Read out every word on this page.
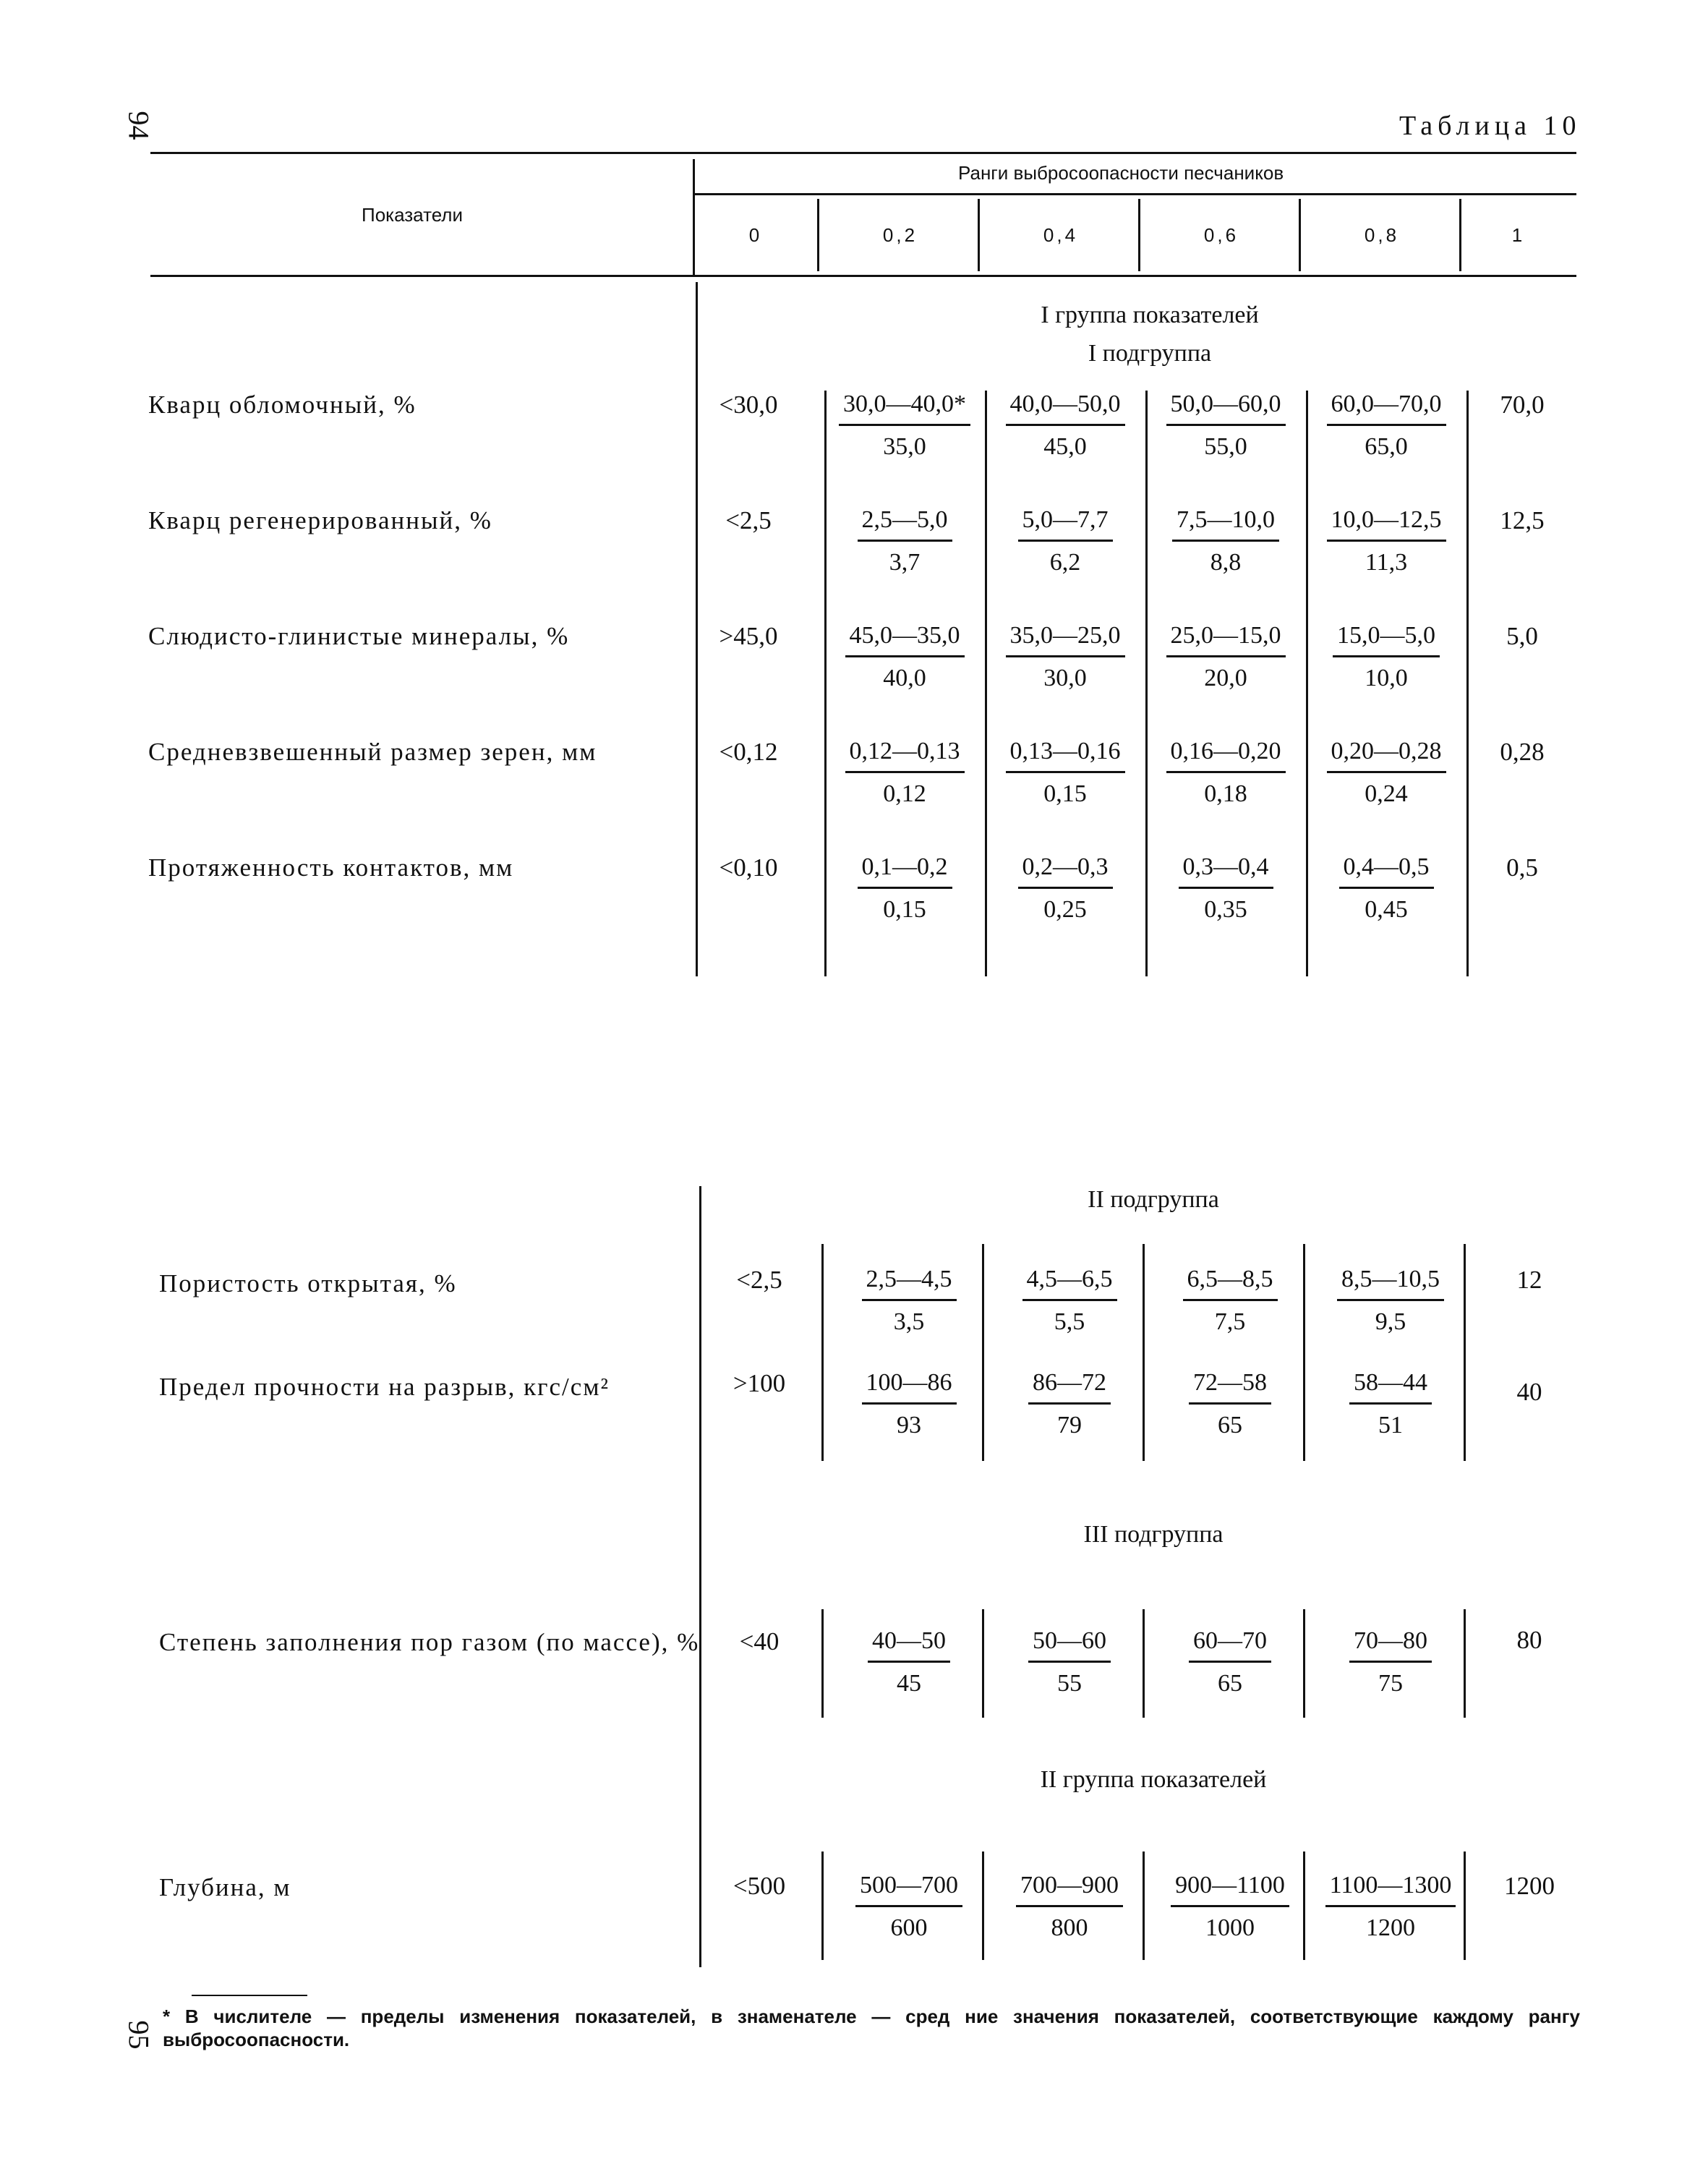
94
95
Таблица 10
Показатели
Ранги выбросоопасности песчаников
0	0,2	0,4	0,6	0,8	1
I группа показателей
I подгруппа
Кварц обломочный, %	<30,0	$\frac{30,0—40,0*}{35,0} \frac{40,0—50,0}{45,0} \frac{50,0—60,0}{55,0} \frac{60,0—70,0}{65,0}$	70,0
Кварц регенерированный, %	<2,5	$\frac{2,5—5,0}{3,7} \frac{5,0—7,7}{6,2} \frac{7,5—10,0}{8,8} \frac{10,0—12,5}{11,3}$	12,5
Слюдисто-глинистые минералы, %	>45,0	$\frac{45,0—35,0}{40,0} \frac{35,0—25,0}{30,0} \frac{25,0—15,0}{20,0} \frac{15,0—5,0}{10,0}$	5,0
Средневзвешенный размер зерен, мм	<0,12	$\frac{0,12—0,13}{0,12} \frac{0,13—0,16}{0,15} \frac{0,16—0,20}{0,18} \frac{0,20—0,28}{0,24}$	0,28
Протяженность контактов, мм	<0,10	$\frac{0,1—0,2}{0,15} \frac{0,2—0,3}{0,25} \frac{0,3—0,4}{0,35} \frac{0,4—0,5}{0,45}$	0,5
II подгруппа
Пористость открытая, %	<2,5	$\frac{2,5—4,5}{3,5} \frac{4,5—6,5}{5,5} \frac{6,5—8,5}{7,5} \frac{8,5—10,5}{9,5}$	12
Предел прочности на разрыв, кгс/см²	>100	$\frac{100—86}{93} \frac{86—72}{79} \frac{72—58}{65} \frac{58—44}{51}$	40
III подгруппа
Степень заполнения пор газом (по массе), %	<40	$\frac{40—50}{45} \frac{50—60}{55} \frac{60—70}{65} \frac{70—80}{75}$	80
II группа показателей
Глубина, м	<500	$\frac{500—700}{600} \frac{700—900}{800} \frac{900—1100}{1000} \frac{1100—1300}{1200}$	1200
* В числителе — пределы изменения показателей, в знаменателе — сред ние значения показателей, соответствующие каждому рангу выбросоопасности.
